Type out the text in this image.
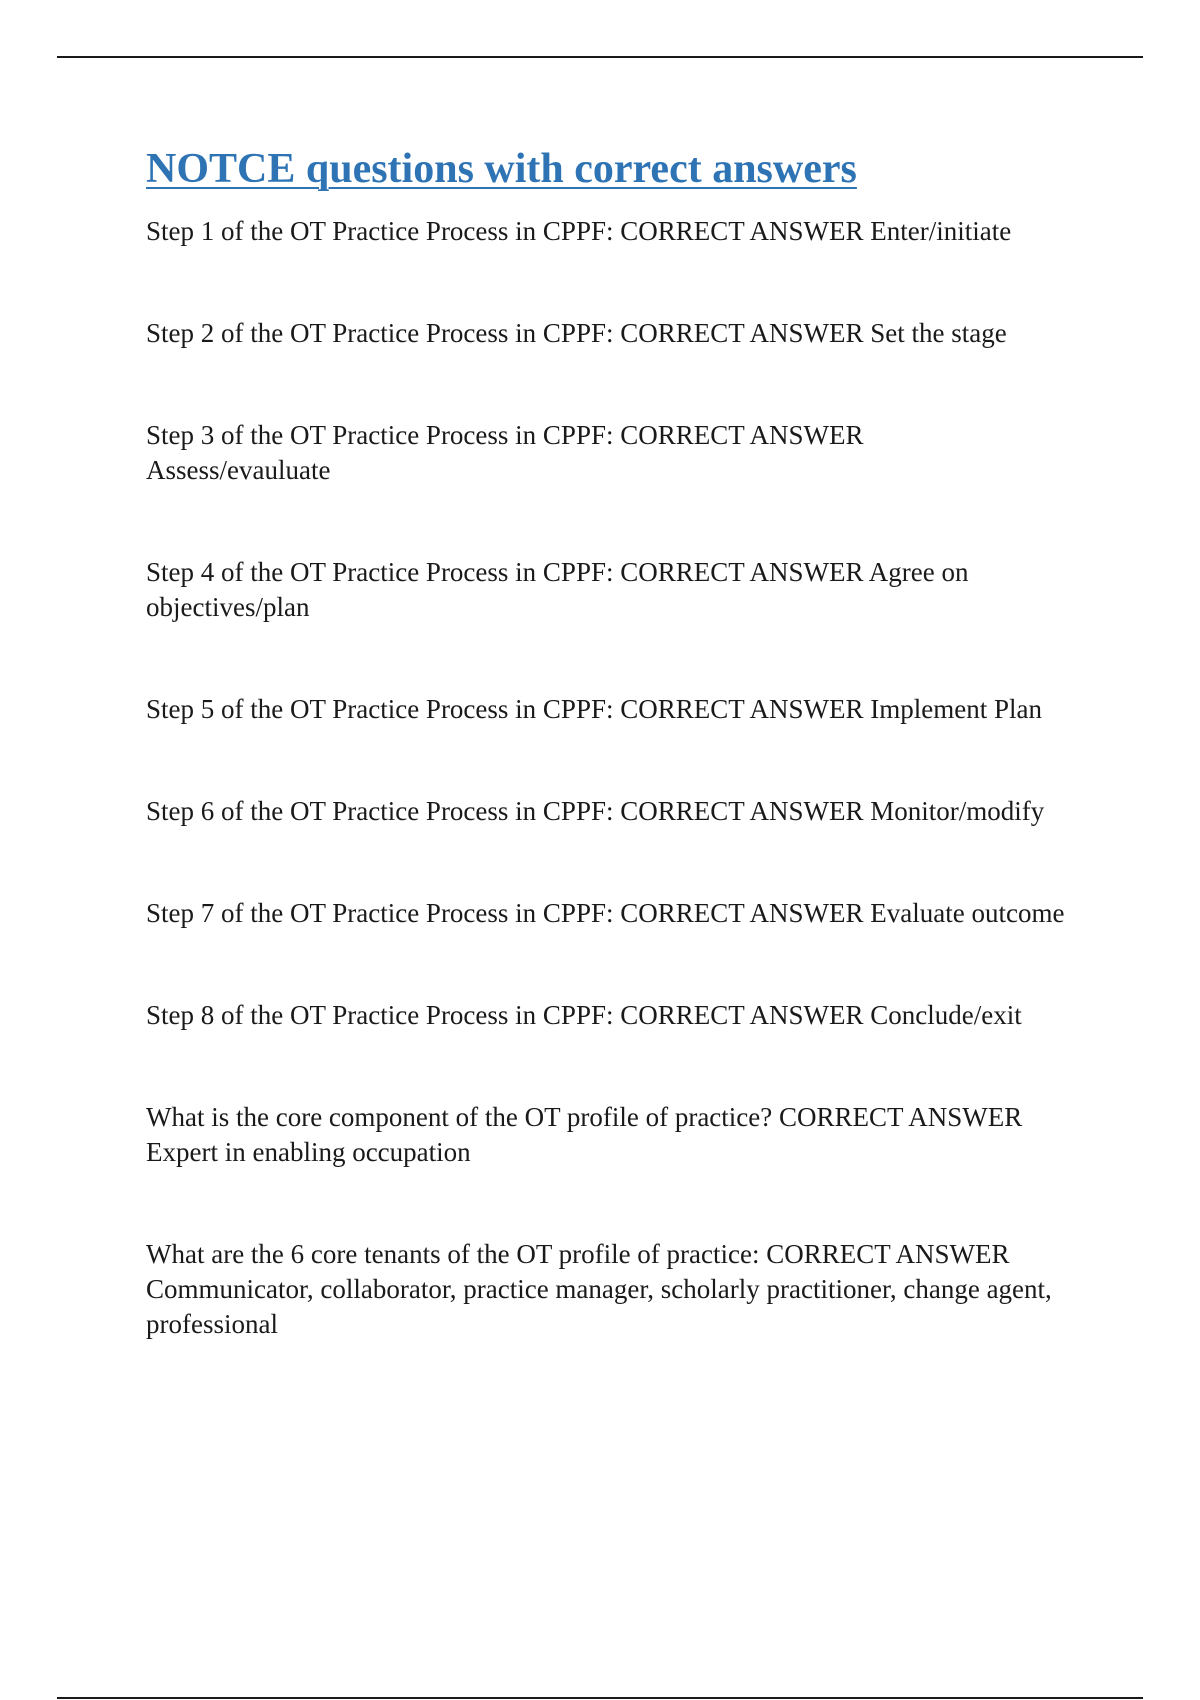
NOTCE questions with correct answers
Step 1 of the OT Practice Process in CPPF: CORRECT ANSWER Enter/initiate
Step 2 of the OT Practice Process in CPPF: CORRECT ANSWER Set the stage
Step 3 of the OT Practice Process in CPPF: CORRECT ANSWER
Assess/evauluate
Step 4 of the OT Practice Process in CPPF: CORRECT ANSWER Agree on objectives/plan
Step 5 of the OT Practice Process in CPPF: CORRECT ANSWER Implement Plan
Step 6 of the OT Practice Process in CPPF: CORRECT ANSWER Monitor/modify
Step 7 of the OT Practice Process in CPPF: CORRECT ANSWER Evaluate outcome
Step 8 of the OT Practice Process in CPPF: CORRECT ANSWER Conclude/exit
What is the core component of the OT profile of practice? CORRECT ANSWER
Expert in enabling occupation
What are the 6 core tenants of the OT profile of practice: CORRECT ANSWER
Communicator, collaborator, practice manager, scholarly practitioner, change agent, professional
